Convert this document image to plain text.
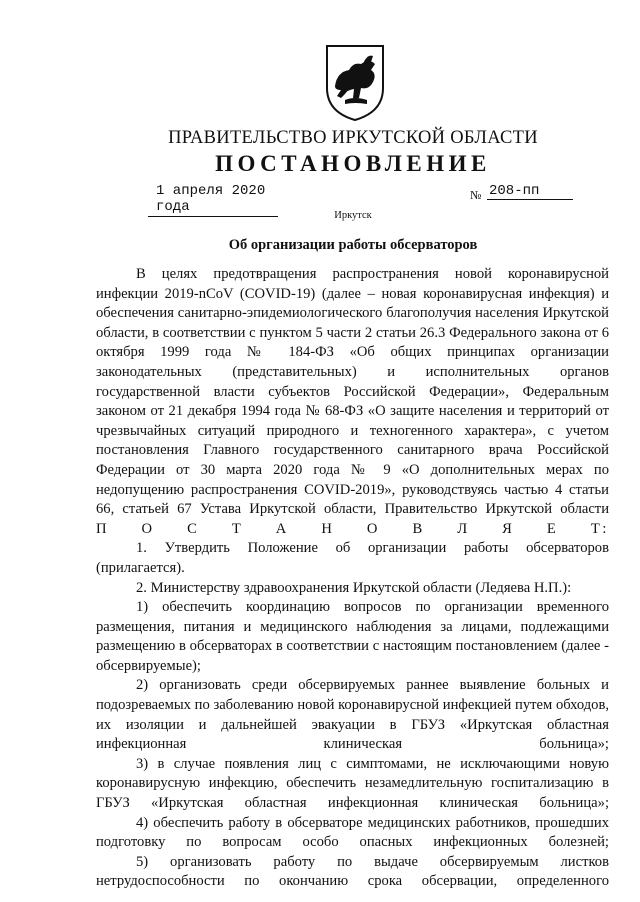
ПРАВИТЕЛЬСТВО ИРКУТСКОЙ ОБЛАСТИ
ПОСТАНОВЛЕНИЕ
1 апреля 2020 года
№ 208-пп
Иркутск
Об организации работы обсерваторов

В целях предотвращения распространения новой коронавирусной инфекции 2019-nCoV (COVID-19) (далее – новая коронавирусная инфекция) и обеспечения санитарно-эпидемиологического благополучия населения Иркутской области, в соответствии с пунктом 5 части 2 статьи 26.3 Федерального закона от 6 октября 1999 года № 184-ФЗ «Об общих принципах организации законодательных (представительных) и исполнительных органов государственной власти субъектов Российской Федерации», Федеральным законом от 21 декабря 1994 года № 68-ФЗ «О защите населения и территорий от чрезвычайных ситуаций природного и техногенного характера», с учетом постановления Главного государственного санитарного врача Российской Федерации от 30 марта 2020 года № 9 «О дополнительных мерах по недопущению распространения COVID-2019», руководствуясь частью 4 статьи 66, статьей 67 Устава Иркутской области, Правительство Иркутской области

П О С Т А Н О В Л Я Е Т:

1. Утвердить Положение об организации работы обсерваторов (прилагается).

2. Министерству здравоохранения Иркутской области (Ледяева Н.П.):

1) обеспечить координацию вопросов по организации временного размещения, питания и медицинского наблюдения за лицами, подлежащими размещению в обсерваторах в соответствии с настоящим постановлением (далее - обсервируемые);

2) организовать среди обсервируемых раннее выявление больных и подозреваемых по заболеванию новой коронавирусной инфекцией путем обходов, их изоляции и дальнейшей эвакуации в ГБУЗ «Иркутская областная инфекционная клиническая больница»;

3) в случае появления лиц с симптомами, не исключающими новую коронавирусную инфекцию, обеспечить незамедлительную госпитализацию в ГБУЗ «Иркутская областная инфекционная клиническая больница»;

4) обеспечить работу в обсерваторе медицинских работников, прошедших подготовку по вопросам особо опасных инфекционных болезней;

5) организовать работу по выдаче обсервируемым листков нетрудоспособности по окончанию срока обсервации, определенного
